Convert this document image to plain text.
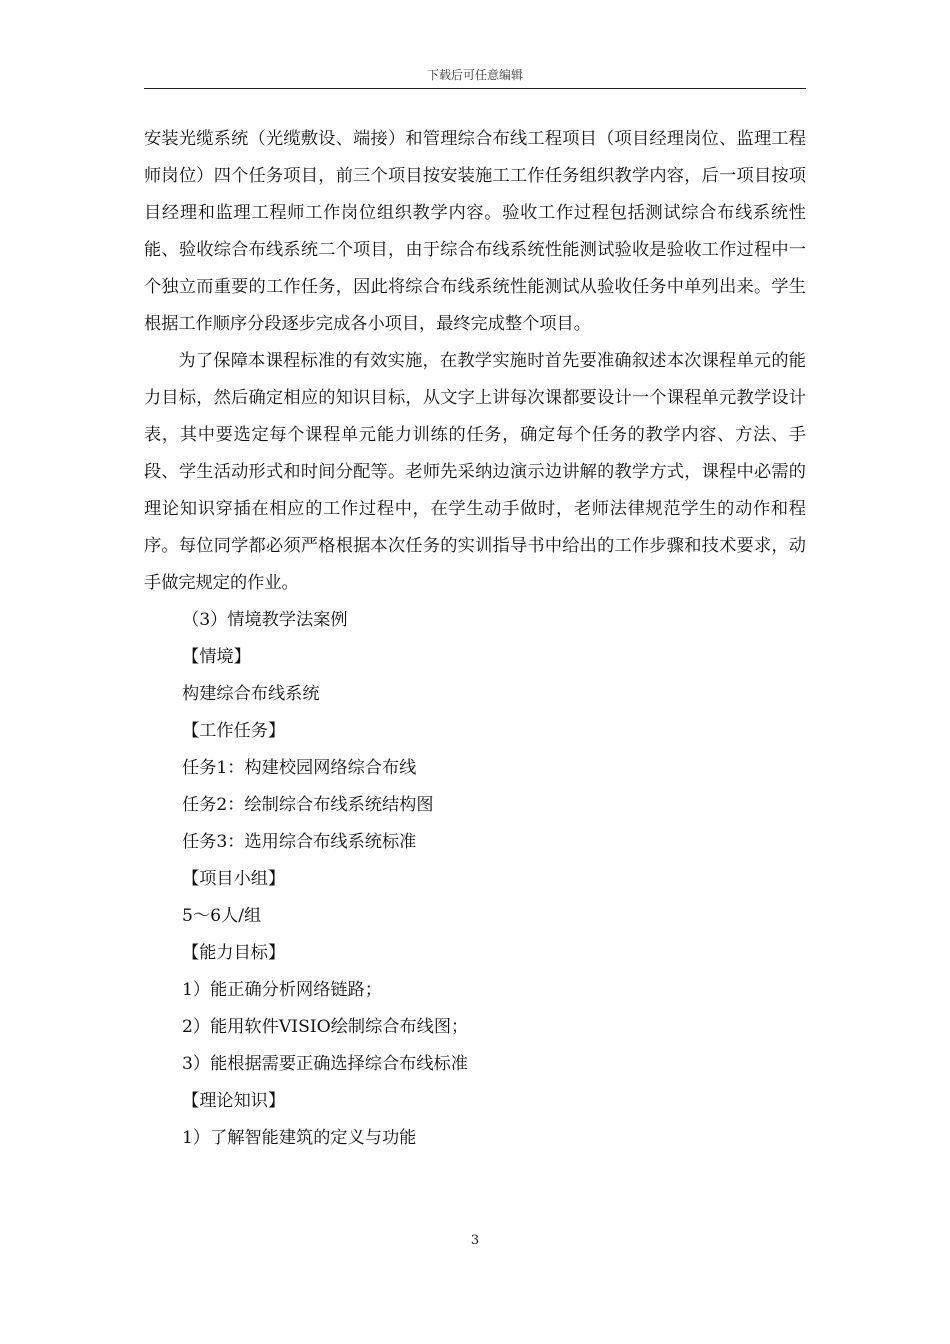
下载后可任意编辑

安装光缆系统（光缆敷设、端接）和管理综合布线工程项目（项目经理岗位、监理工程师岗位）四个任务项目，前三个项目按安装施工工作任务组织教学内容，后一项目按项目经理和监理工程师工作岗位组织教学内容。验收工作过程包括测试综合布线系统性能、验收综合布线系统二个项目，由于综合布线系统性能测试验收是验收工作过程中一个独立而重要的工作任务，因此将综合布线系统性能测试从验收任务中单列出来。学生根据工作顺序分段逐步完成各小项目，最终完成整个项目。

为了保障本课程标准的有效实施，在教学实施时首先要准确叙述本次课程单元的能力目标，然后确定相应的知识目标，从文字上讲每次课都要设计一个课程单元教学设计表，其中要选定每个课程单元能力训练的任务，确定每个任务的教学内容、方法、手段、学生活动形式和时间分配等。老师先采纳边演示边讲解的教学方式，课程中必需的理论知识穿插在相应的工作过程中，在学生动手做时，老师法律规范学生的动作和程序。每位同学都必须严格根据本次任务的实训指导书中给出的工作步骤和技术要求，动手做完规定的作业。

（3）情境教学法案例

【情境】

构建综合布线系统

【工作任务】

任务1：构建校园网络综合布线

任务2：绘制综合布线系统结构图

任务3：选用综合布线系统标准

【项目小组】

5～6人/组

【能力目标】

1）能正确分析网络链路；

2）能用软件VISIO绘制综合布线图；

3）能根据需要正确选择综合布线标准

【理论知识】

1）了解智能建筑的定义与功能

3
